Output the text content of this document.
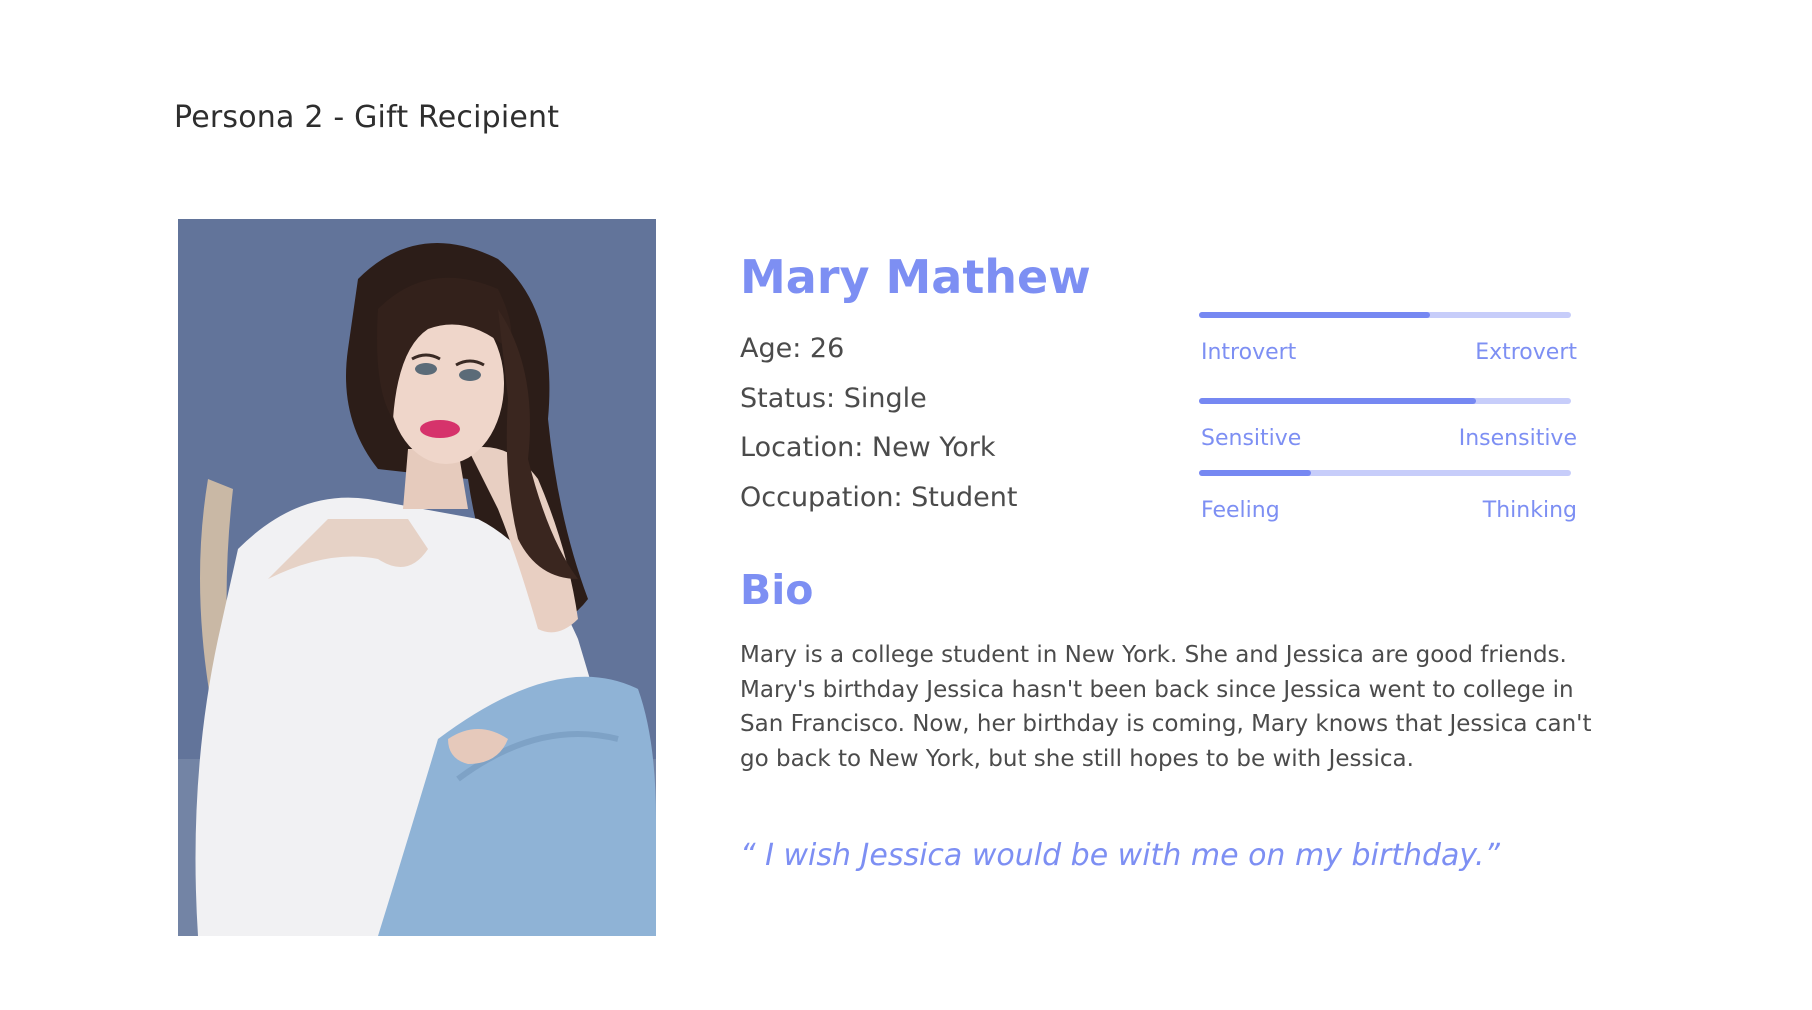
Persona 2 - Gift Recipient
Mary Mathew
Age: 26
Status: Single
Location: New York
Occupation: Student
Introvert	Extrovert
Sensitive	Insensitive
Feeling	Thinking
Bio

Mary is a college student in New York. She and Jessica are good friends. Mary's birthday Jessica hasn't been back since Jessica went to college in San Francisco. Now, her birthday is coming, Mary knows that Jessica can't go back to New York, but she still hopes to be with Jessica.

“ I wish Jessica would be with me on my birthday.”
